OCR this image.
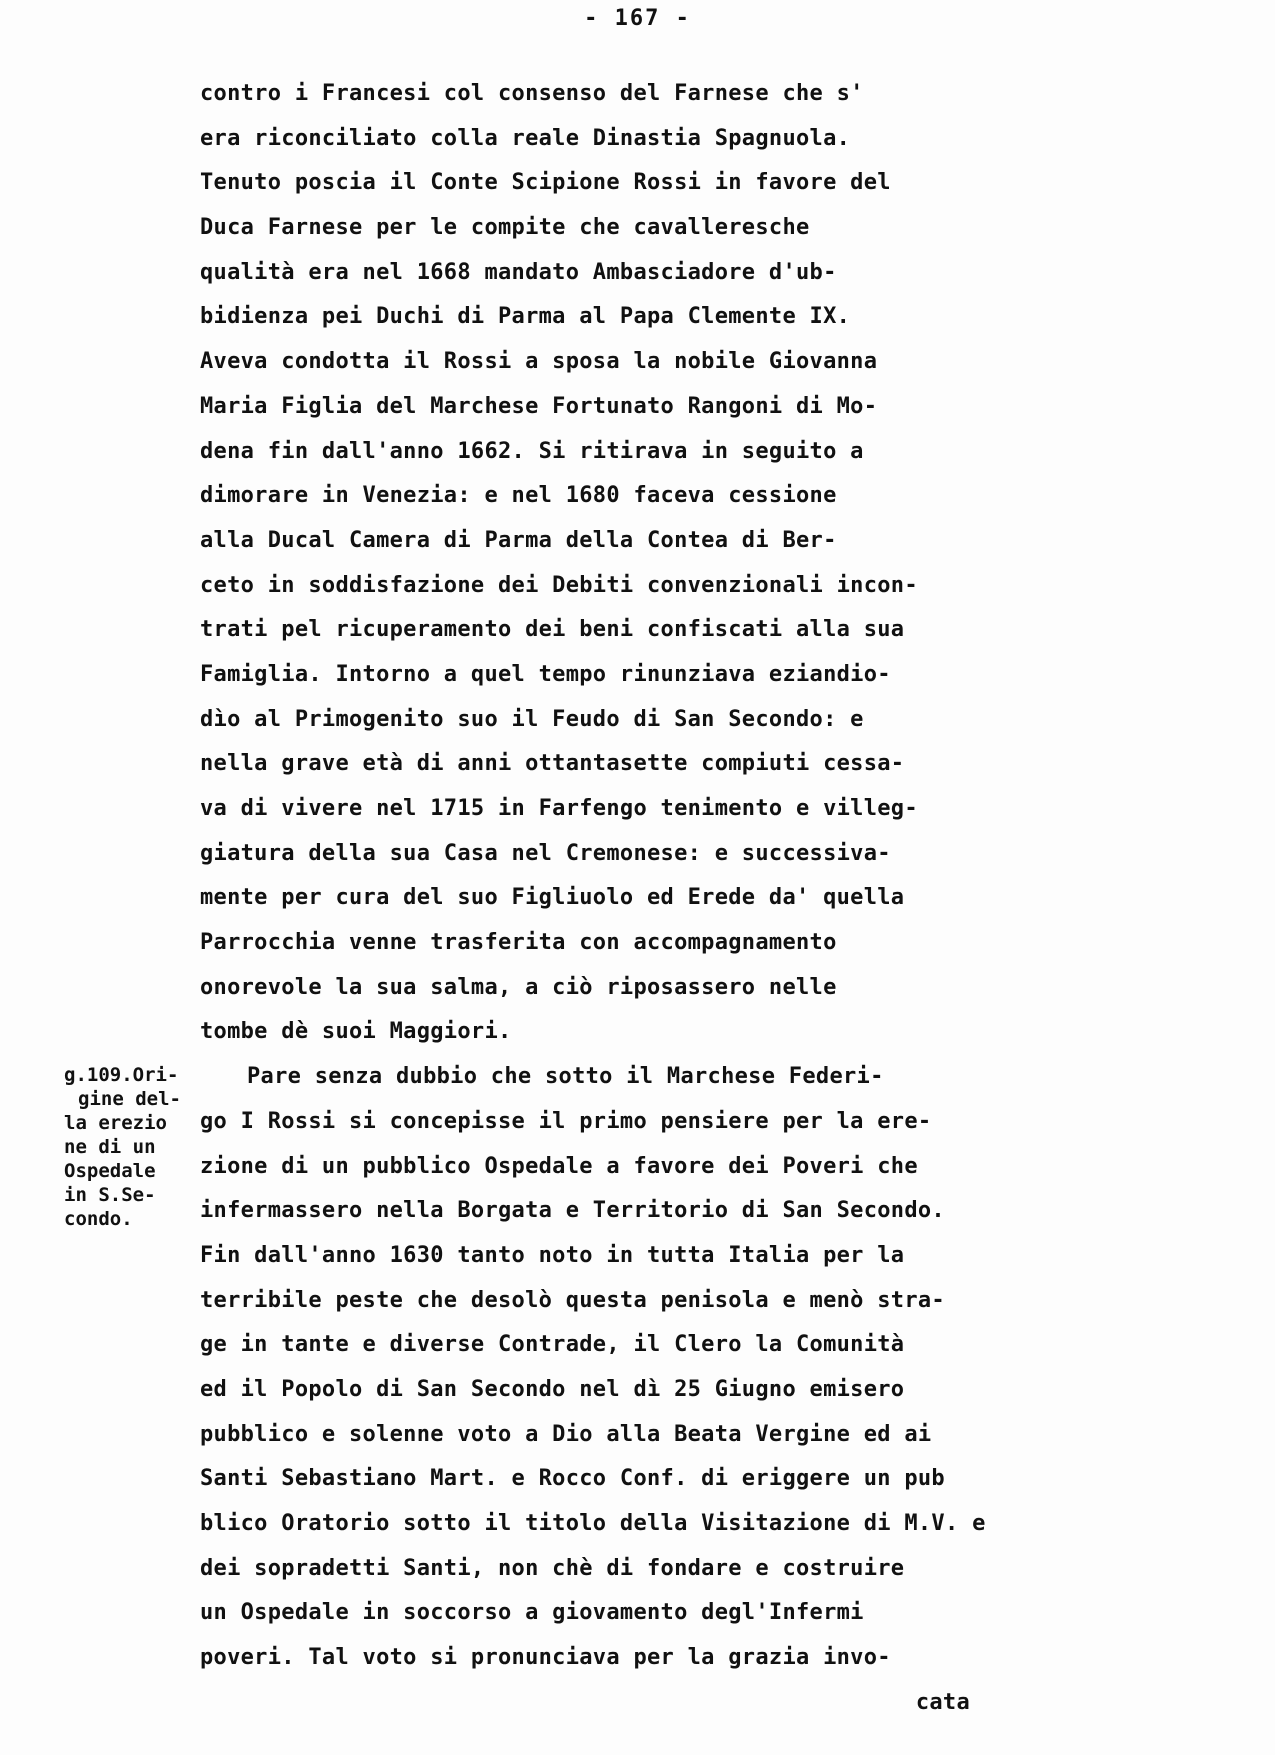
- 167 -
g.109.Ori-
gine del-
la erezio
ne di un
Ospedale
in S.Se-
condo.
contro i Francesi col consenso del Farnese che s'
era riconciliato colla reale Dinastia Spagnuola.
Tenuto poscia il Conte Scipione Rossi in favore del
Duca Farnese per le compite che cavalleresche
qualità era nel 1668 mandato Ambasciadore d'ub-
bidienza pei Duchi di Parma al Papa Clemente IX.
Aveva condotta il Rossi a sposa la nobile Giovanna
Maria Figlia del Marchese Fortunato Rangoni di Mo-
dena fin dall'anno 1662. Si ritirava in seguito a
dimorare in Venezia: e nel 1680 faceva cessione
alla Ducal Camera di Parma della Contea di Ber-
ceto in soddisfazione dei Debiti convenzionali incon-
trati pel ricuperamento dei beni confiscati alla sua
Famiglia. Intorno a quel tempo rinunziava eziandio-
dìo al Primogenito suo il Feudo di San Secondo: e
nella grave età di anni ottantasette compiuti cessa-
va di vivere nel 1715 in Farfengo tenimento e villeg-
giatura della sua Casa nel Cremonese: e successiva-
mente per cura del suo Figliuolo ed Erede da' quella
Parrocchia venne trasferita con accompagnamento
onorevole la sua salma, a ciò riposassero nelle
tombe dè suoi Maggiori.
Pare senza dubbio che sotto il Marchese Federi-
go I Rossi si concepisse il primo pensiere per la ere-
zione di un pubblico Ospedale a favore dei Poveri che
infermassero nella Borgata e Territorio di San Secondo.
Fin dall'anno 1630 tanto noto in tutta Italia per la
terribile peste che desolò questa penisola e menò stra-
ge in tante e diverse Contrade, il Clero la Comunità
ed il Popolo di San Secondo nel dì 25 Giugno emisero
pubblico e solenne voto a Dio alla Beata Vergine ed ai
Santi Sebastiano Mart. e Rocco Conf. di eriggere un pub
blico Oratorio sotto il titolo della Visitazione di M.V. e
dei sopradetti Santi, non chè di fondare e costruire
un Ospedale in soccorso a giovamento degl'Infermi
poveri. Tal voto si pronunciava per la grazia invo-
cata
